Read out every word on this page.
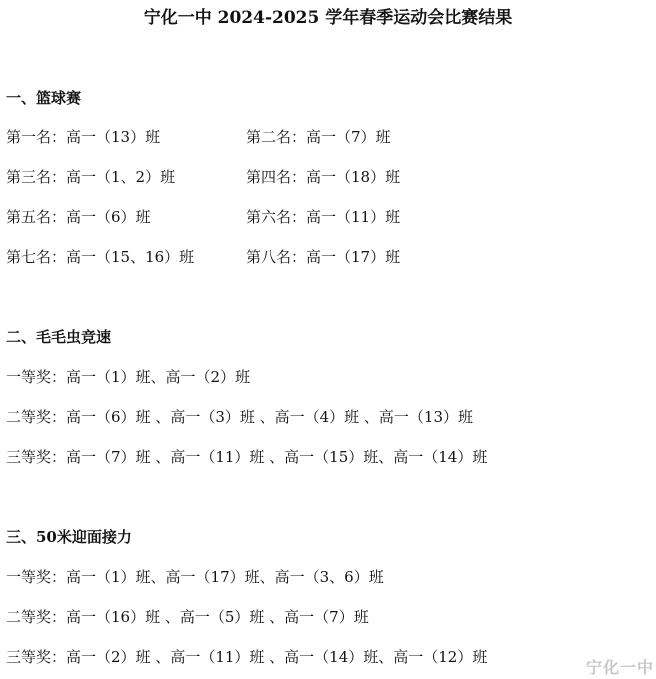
宁化一中 2024-2025 学年春季运动会比赛结果
一、篮球赛
第一名：高一（13）班	第二名：高一（7）班
第三名：高一（1、2）班	第四名：高一（18）班
第五名：高一（6）班	第六名：高一（11）班
第七名：高一（15、16）班	第八名：高一（17）班
二、毛毛虫竞速
一等奖：高一（1）班、高一（2）班
二等奖：高一（6）班 、高一（3）班 、高一（4）班 、高一（13）班
三等奖：高一（7）班 、高一（11）班 、高一（15）班、高一（14）班
三、50米迎面接力
一等奖：高一（1）班、高一（17）班、高一（3、6）班
二等奖：高一（16）班 、高一（5）班 、高一（7）班
三等奖：高一（2）班 、高一（11）班 、高一（14）班、高一（12）班
宁化一中
